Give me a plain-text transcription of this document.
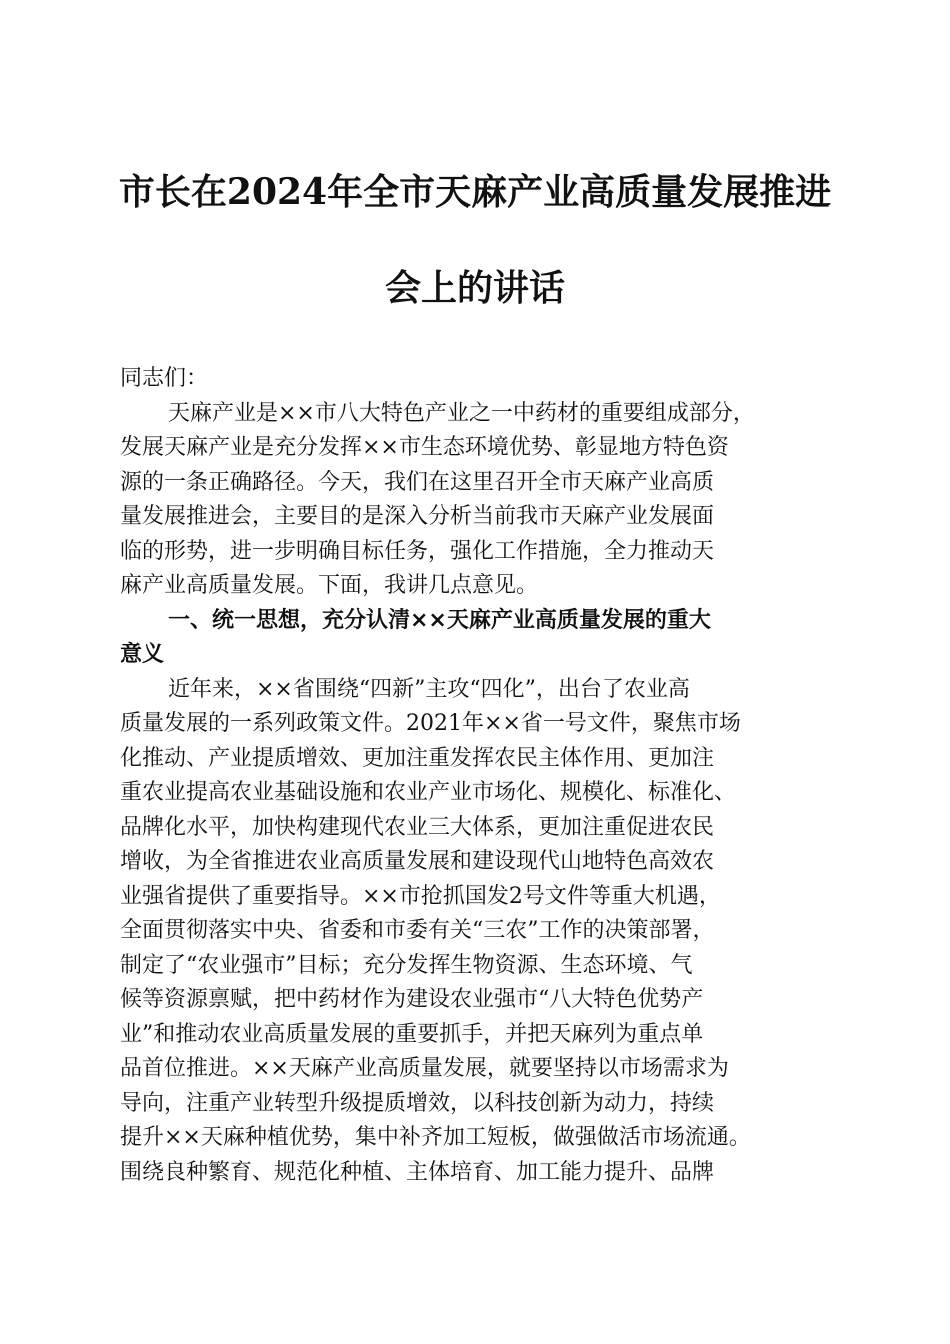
市长在2024年全市天麻产业高质量发展推进
会上的讲话
同志们：
天麻产业是××市八大特色产业之一中药材的重要组成部分，
发展天麻产业是充分发挥××市生态环境优势、彰显地方特色资
源的一条正确路径。今天，我们在这里召开全市天麻产业高质
量发展推进会，主要目的是深入分析当前我市天麻产业发展面
临的形势，进一步明确目标任务，强化工作措施，全力推动天
麻产业高质量发展。下面，我讲几点意见。
一、统一思想，充分认清××天麻产业高质量发展的重大
意义
近年来，××省围绕“四新”主攻“四化”，出台了农业高
质量发展的一系列政策文件。2021年××省一号文件，聚焦市场
化推动、产业提质增效、更加注重发挥农民主体作用、更加注
重农业提高农业基础设施和农业产业市场化、规模化、标准化、
品牌化水平，加快构建现代农业三大体系，更加注重促进农民
增收，为全省推进农业高质量发展和建设现代山地特色高效农
业强省提供了重要指导。××市抢抓国发2号文件等重大机遇，
全面贯彻落实中央、省委和市委有关“三农”工作的决策部署，
制定了“农业强市”目标；充分发挥生物资源、生态环境、气
候等资源禀赋，把中药材作为建设农业强市“八大特色优势产
业”和推动农业高质量发展的重要抓手，并把天麻列为重点单
品首位推进。××天麻产业高质量发展，就要坚持以市场需求为
导向，注重产业转型升级提质增效，以科技创新为动力，持续
提升××天麻种植优势，集中补齐加工短板，做强做活市场流通。
围绕良种繁育、规范化种植、主体培育、加工能力提升、品牌
